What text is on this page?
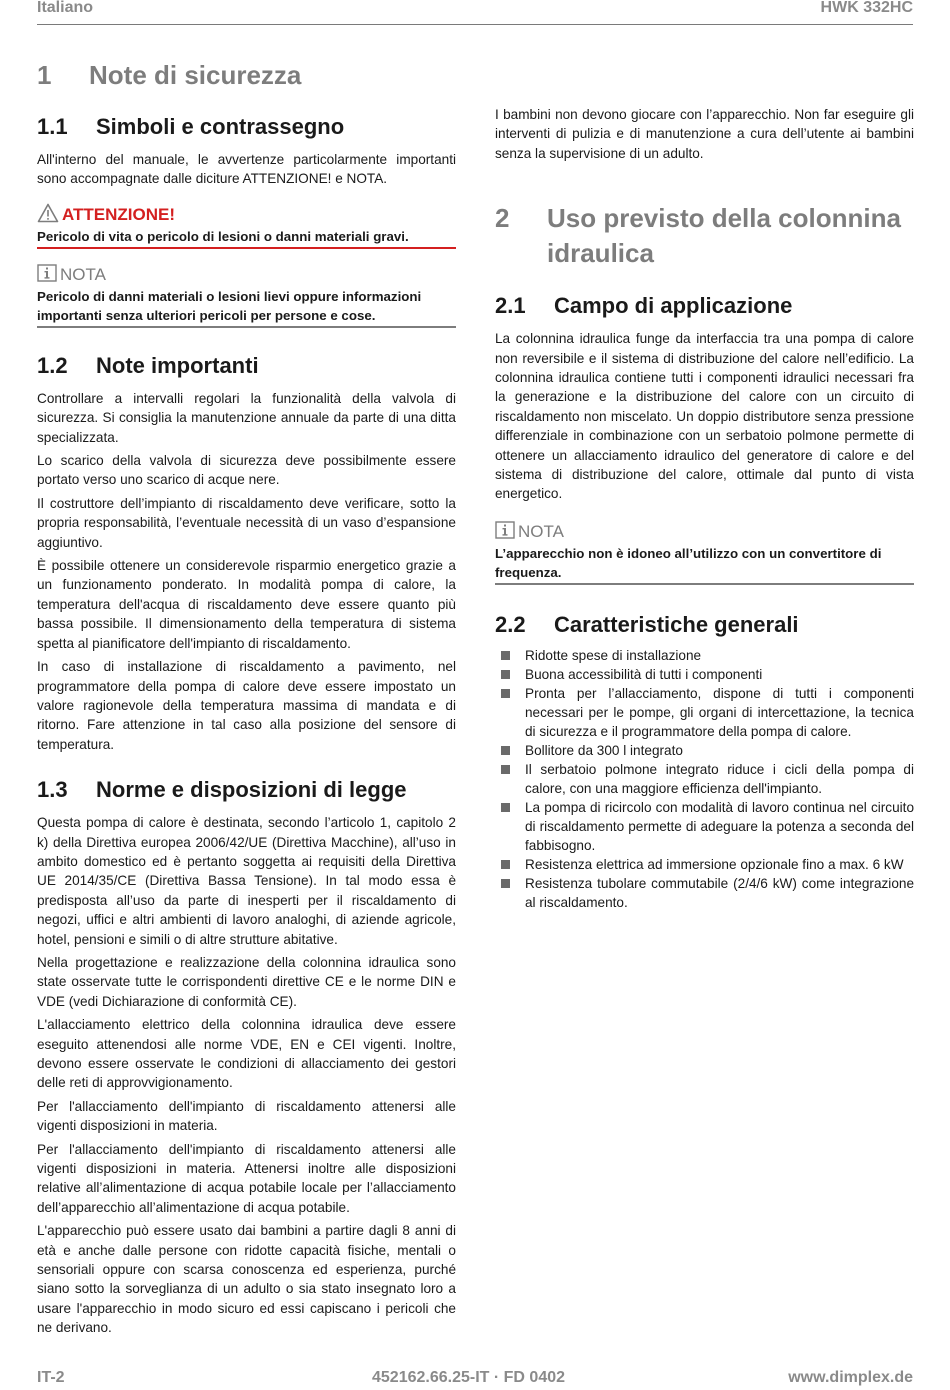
Italiano	HWK 332HC
1	Note di sicurezza
1.1	Simboli e contrassegno

All'interno del manuale, le avvertenze particolarmente importanti sono accompagnate dalle diciture ATTENZIONE! e NOTA.

ATTENZIONE!
Pericolo di vita o pericolo di lesioni o danni materiali gravi.
NOTA
Pericolo di danni materiali o lesioni lievi oppure informazioni importanti senza ulteriori pericoli per persone e cose.
1.2	Note importanti

Controllare a intervalli regolari la funzionalità della valvola di sicurezza. Si consiglia la manutenzione annuale da parte di una ditta specializzata.

Lo scarico della valvola di sicurezza deve possibilmente essere portato verso uno scarico di acque nere.

Il costruttore dell’impianto di riscaldamento deve verificare, sotto la propria responsabilità, l’eventuale necessità di un vaso d’espansione aggiuntivo.

È possibile ottenere un considerevole risparmio energetico grazie a un funzionamento ponderato. In modalità pompa di calore, la temperatura dell'acqua di riscaldamento deve essere quanto più bassa possibile. Il dimensionamento della temperatura di sistema spetta al pianificatore dell'impianto di riscaldamento.

In caso di installazione di riscaldamento a pavimento, nel programmatore della pompa di calore deve essere impostato un valore ragionevole della temperatura massima di mandata e di ritorno. Fare attenzione in tal caso alla posizione del sensore di temperatura.

1.3	Norme e disposizioni di legge

Questa pompa di calore è destinata, secondo l’articolo 1, capitolo 2 k) della Direttiva europea 2006/42/UE (Direttiva Macchine), all’uso in ambito domestico ed è pertanto soggetta ai requisiti della Direttiva UE 2014/35/CE (Direttiva Bassa Tensione). In tal modo essa è predisposta all’uso da parte di inesperti per il riscaldamento di negozi, uffici e altri ambienti di lavoro analoghi, di aziende agricole, hotel, pensioni e simili o di altre strutture abitative.

Nella progettazione e realizzazione della colonnina idraulica sono state osservate tutte le corrispondenti direttive CE e le norme DIN e VDE (vedi Dichiarazione di conformità CE).

L'allacciamento elettrico della colonnina idraulica deve essere eseguito attenendosi alle norme VDE, EN e CEI vigenti. Inoltre, devono essere osservate le condizioni di allacciamento dei gestori delle reti di approvvigionamento.

Per l'allacciamento dell'impianto di riscaldamento attenersi alle vigenti disposizioni in materia.

Per l'allacciamento dell'impianto di riscaldamento attenersi alle vigenti disposizioni in materia. Attenersi inoltre alle disposizioni relative all’alimentazione di acqua potabile locale per l’allacciamento dell’apparecchio all’alimentazione di acqua potabile.

L'apparecchio può essere usato dai bambini a partire dagli 8 anni di età e anche dalle persone con ridotte capacità fisiche, mentali o sensoriali oppure con scarsa conoscenza ed esperienza, purché siano sotto la sorveglianza di un adulto o sia stato insegnato loro a usare l'apparecchio in modo sicuro ed essi capiscano i pericoli che ne derivano.

I bambini non devono giocare con l’apparecchio. Non far eseguire gli interventi di pulizia e di manutenzione a cura dell’utente ai bambini senza la supervisione di un adulto.

2	Uso previsto della colonnina idraulica
2.1	Campo di applicazione

La colonnina idraulica funge da interfaccia tra una pompa di calore non reversibile e il sistema di distribuzione del calore nell’edificio. La colonnina idraulica contiene tutti i componenti idraulici necessari fra la generazione e la distribuzione del calore con un circuito di riscaldamento non miscelato. Un doppio distributore senza pressione differenziale in combinazione con un serbatoio polmone permette di ottenere un allacciamento idraulico del generatore di calore e del sistema di distribuzione del calore, ottimale dal punto di vista energetico.

NOTA
L’apparecchio non è idoneo all’utilizzo con un convertitore di frequenza.
2.2	Caratteristiche generali
Ridotte spese di installazione
Buona accessibilità di tutti i componenti
Pronta per l’allacciamento, dispone di tutti i componenti necessari per le pompe, gli organi di intercettazione, la tecnica di sicurezza e il programmatore della pompa di calore.
Bollitore da 300 l integrato
Il serbatoio polmone integrato riduce i cicli della pompa di calore, con una maggiore efficienza dell'impianto.
La pompa di ricircolo con modalità di lavoro continua nel circuito di riscaldamento permette di adeguare la potenza a seconda del fabbisogno.
Resistenza elettrica ad immersione opzionale fino a max. 6 kW
Resistenza tubolare commutabile (2/4/6 kW) come integrazione al riscaldamento.
IT-2	452162.66.25-IT · FD 0402	www.dimplex.de
